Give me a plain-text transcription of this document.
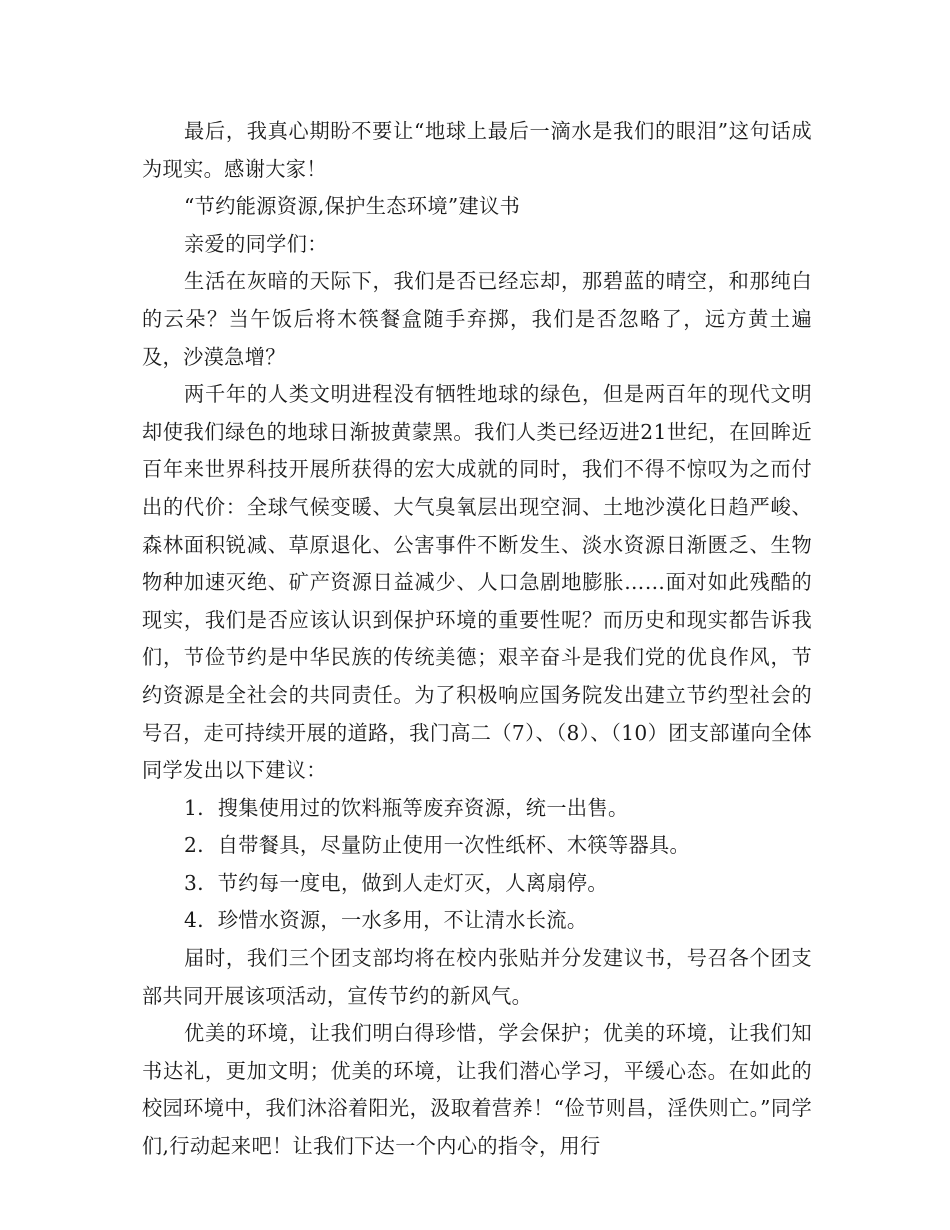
最后，我真心期盼不要让“地球上最后一滴水是我们的眼泪”这句话成为现实。感谢大家！

“节约能源资源,保护生态环境”建议书

亲爱的同学们：

生活在灰暗的天际下，我们是否已经忘却，那碧蓝的晴空，和那纯白的云朵？当午饭后将木筷餐盒随手弃掷，我们是否忽略了，远方黄土遍及，沙漠急增？

两千年的人类文明进程没有牺牲地球的绿色，但是两百年的现代文明却使我们绿色的地球日渐披黄蒙黑。我们人类已经迈进21世纪，在回眸近百年来世界科技开展所获得的宏大成就的同时，我们不得不惊叹为之而付出的代价：全球气候变暖、大气臭氧层出现空洞、土地沙漠化日趋严峻、森林面积锐减、草原退化、公害事件不断发生、淡水资源日渐匮乏、生物物种加速灭绝、矿产资源日益减少、人口急剧地膨胀……面对如此残酷的现实，我们是否应该认识到保护环境的重要性呢？而历史和现实都告诉我们，节俭节约是中华民族的传统美德；艰辛奋斗是我们党的优良作风，节约资源是全社会的共同责任。为了积极响应国务院发出建立节约型社会的号召，走可持续开展的道路，我门高二（7）、（8）、（10）团支部谨向全体同学发出以下建议：

1．搜集使用过的饮料瓶等废弃资源，统一出售。

2．自带餐具，尽量防止使用一次性纸杯、木筷等器具。

3．节约每一度电，做到人走灯灭，人离扇停。

4．珍惜水资源，一水多用，不让清水长流。

届时，我们三个团支部均将在校内张贴并分发建议书，号召各个团支部共同开展该项活动，宣传节约的新风气。

优美的环境，让我们明白得珍惜，学会保护；优美的环境，让我们知书达礼，更加文明；优美的环境，让我们潜心学习，平缓心态。在如此的校园环境中，我们沐浴着阳光，汲取着营养！“俭节则昌，淫佚则亡。”同学们,行动起来吧！让我们下达一个内心的指令，用行
